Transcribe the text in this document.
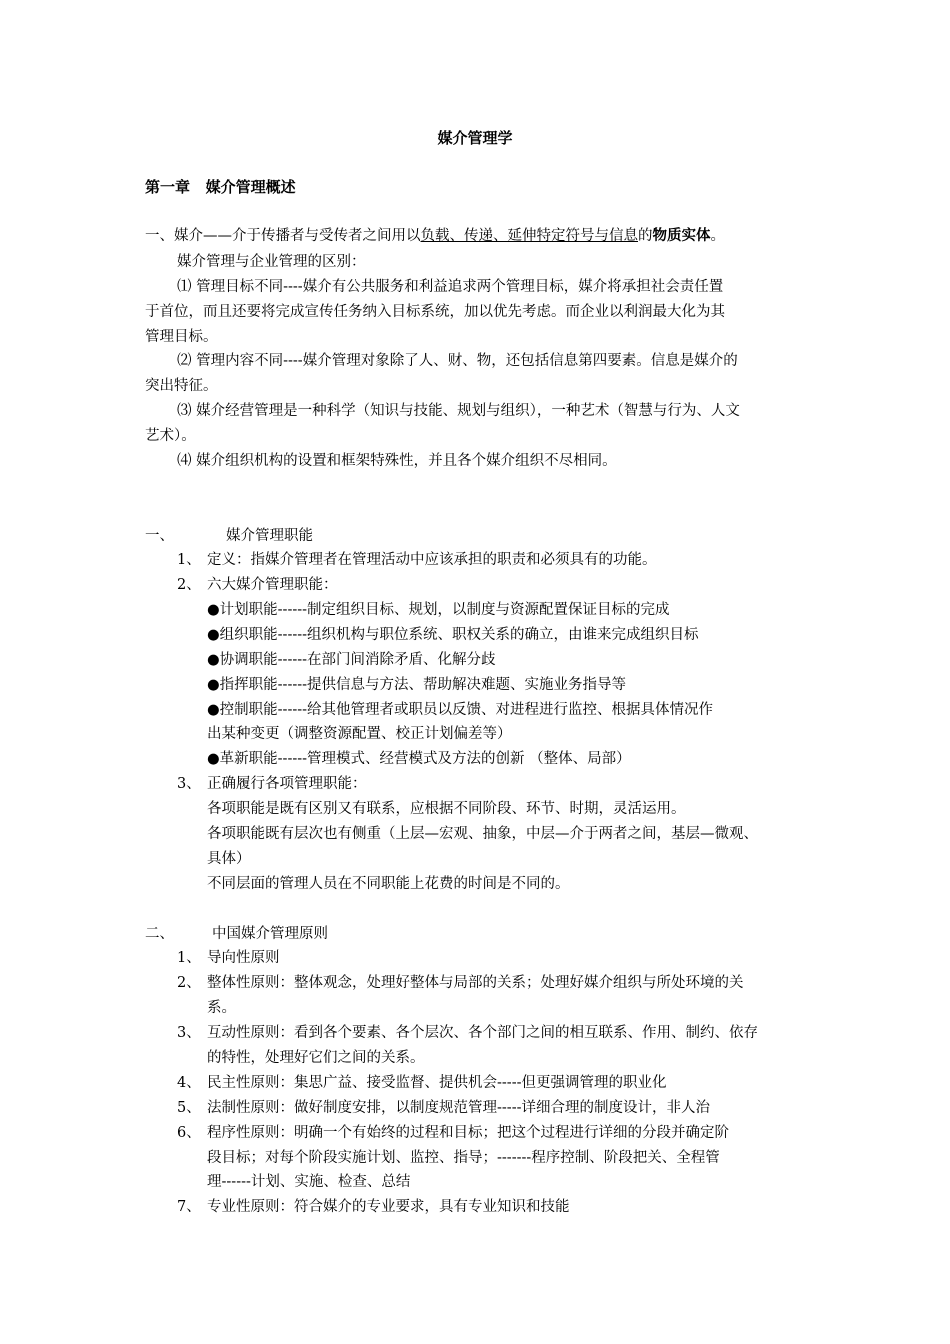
媒介管理学
第一章   媒介管理概述
一、媒介——介于传播者与受传者之间用以负载、传递、延伸特定符号与信息的物质实体。
媒介管理与企业管理的区别：
⑴ 管理目标不同----媒介有公共服务和利益追求两个管理目标，媒介将承担社会责任置
于首位，而且还要将完成宣传任务纳入目标系统，加以优先考虑。而企业以利润最大化为其
管理目标。
⑵ 管理内容不同----媒介管理对象除了人、财、物，还包括信息第四要素。信息是媒介的
突出特征。
⑶ 媒介经营管理是一种科学（知识与技能、规划与组织），一种艺术（智慧与行为、人文
艺术）。
⑷ 媒介组织机构的设置和框架特殊性，并且各个媒介组织不尽相同。
一、	媒介管理职能
1、 定义：指媒介管理者在管理活动中应该承担的职责和必须具有的功能。
2、 六大媒介管理职能：
●计划职能------制定组织目标、规划，以制度与资源配置保证目标的完成
●组织职能------组织机构与职位系统、职权关系的确立，由谁来完成组织目标
●协调职能------在部门间消除矛盾、化解分歧
●指挥职能------提供信息与方法、帮助解决难题、实施业务指导等
●控制职能------给其他管理者或职员以反馈、对进程进行监控、根据具体情况作
出某种变更（调整资源配置、校正计划偏差等）
●革新职能------管理模式、经营模式及方法的创新 （整体、局部）
3、 正确履行各项管理职能：
各项职能是既有区别又有联系，应根据不同阶段、环节、时期，灵活运用。
各项职能既有层次也有侧重（上层—宏观、抽象，中层—介于两者之间，基层—微观、
具体）
不同层面的管理人员在不同职能上花费的时间是不同的。
二、	中国媒介管理原则
1、 导向性原则
2、 整体性原则：整体观念，处理好整体与局部的关系；处理好媒介组织与所处环境的关
系。
3、 互动性原则：看到各个要素、各个层次、各个部门之间的相互联系、作用、制约、依存
的特性，处理好它们之间的关系。
4、 民主性原则：集思广益、接受监督、提供机会-----但更强调管理的职业化
5、 法制性原则：做好制度安排，以制度规范管理-----详细合理的制度设计，非人治
6、 程序性原则：明确一个有始终的过程和目标；把这个过程进行详细的分段并确定阶
段目标；对每个阶段实施计划、监控、指导；-------程序控制、阶段把关、全程管
理------计划、实施、检查、总结
7、 专业性原则：符合媒介的专业要求，具有专业知识和技能
